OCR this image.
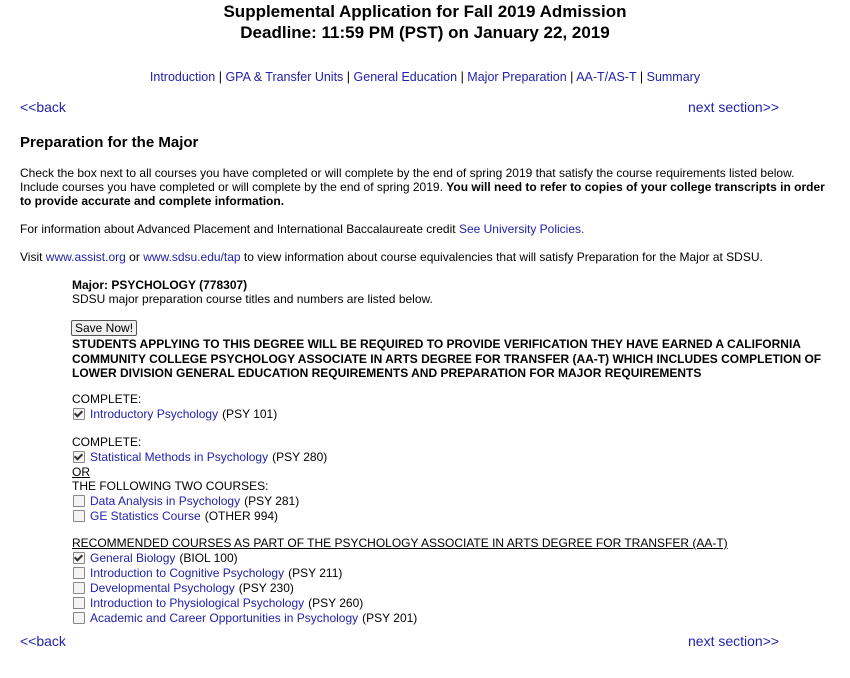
Supplemental Application for Fall 2019 Admission
Deadline: 11:59 PM (PST) on January 22, 2019
Introduction | GPA & Transfer Units | General Education | Major Preparation | AA-T/AS-T | Summary
<<back	next section>>
Preparation for the Major
Check the box next to all courses you have completed or will complete by the end of spring 2019 that satisfy the course requirements listed below.
Include courses you have completed or will complete by the end of spring 2019. You will need to refer to copies of your college transcripts in order to provide accurate and complete information.
For information about Advanced Placement and International Baccalaureate credit See University Policies.
Visit www.assist.org or www.sdsu.edu/tap to view information about course equivalencies that will satisfy Preparation for the Major at SDSU.
Major: PSYCHOLOGY (778307)
SDSU major preparation course titles and numbers are listed below.
Save Now!
STUDENTS APPLYING TO THIS DEGREE WILL BE REQUIRED TO PROVIDE VERIFICATION THEY HAVE EARNED A CALIFORNIA COMMUNITY COLLEGE PSYCHOLOGY ASSOCIATE IN ARTS DEGREE FOR TRANSFER (AA-T) WHICH INCLUDES COMPLETION OF LOWER DIVISION GENERAL EDUCATION REQUIREMENTS AND PREPARATION FOR MAJOR REQUIREMENTS
COMPLETE:
Introductory Psychology (PSY 101)
COMPLETE:
Statistical Methods in Psychology (PSY 280)
OR
THE FOLLOWING TWO COURSES:
Data Analysis in Psychology (PSY 281)
GE Statistics Course (OTHER 994)
RECOMMENDED COURSES AS PART OF THE PSYCHOLOGY ASSOCIATE IN ARTS DEGREE FOR TRANSFER (AA-T)
General Biology (BIOL 100)
Introduction to Cognitive Psychology (PSY 211)
Developmental Psychology (PSY 230)
Introduction to Physiological Psychology (PSY 260)
Academic and Career Opportunities in Psychology (PSY 201)
<<back	next section>>
